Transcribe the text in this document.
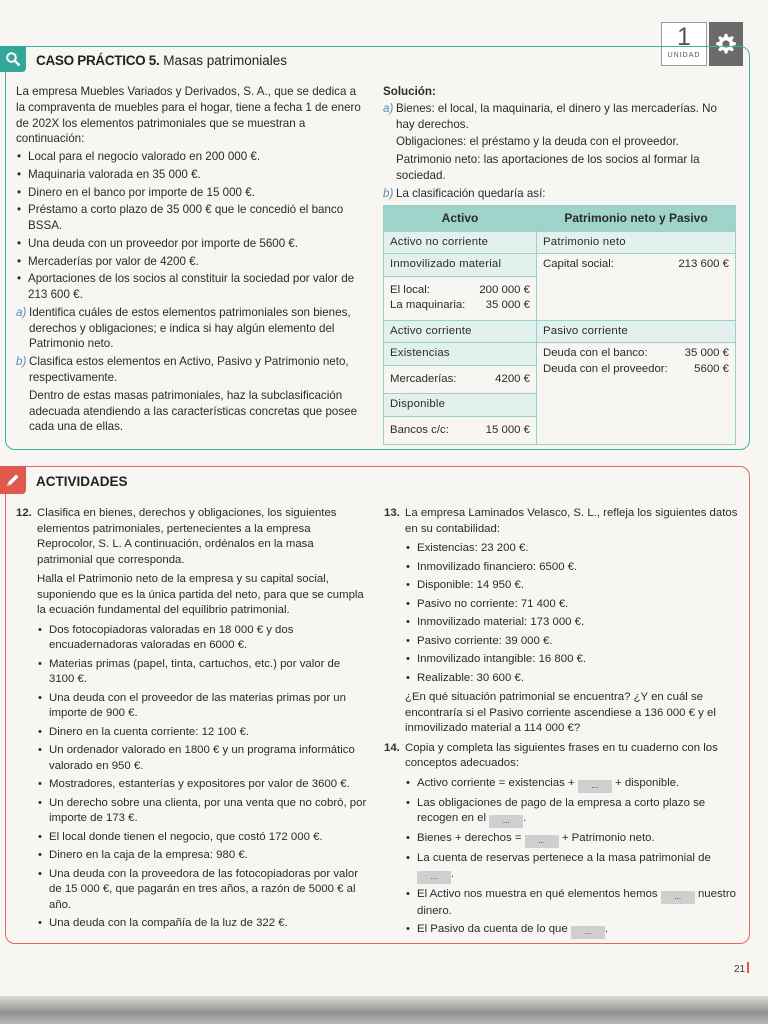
1
UNIDAD
CASO PRÁCTICO 5. Masas patrimoniales

La empresa Muebles Variados y Derivados, S. A., que se dedica a la compraventa de muebles para el hogar, tiene a fecha 1 de enero de 202X los elementos patrimoniales que se muestran a continuación:

• Local para el negocio valorado en 200 000 €.
• Maquinaria valorada en 35 000 €.
• Dinero en el banco por importe de 15 000 €.
• Préstamo a corto plazo de 35 000 € que le concedió el banco BSSA.
• Una deuda con un proveedor por importe de 5600 €.
• Mercaderías por valor de 4200 €.
• Aportaciones de los socios al constituir la sociedad por valor de 213 600 €.
a) Identifica cuáles de estos elementos patrimoniales son bienes, derechos y obligaciones; e indica si hay algún elemento del Patrimonio neto.
b) Clasifica estos elementos en Activo, Pasivo y Patrimonio neto, respectivamente.
Dentro de estas masas patrimoniales, haz la subclasificación adecuada atendiendo a las características concretas que posee cada una de ellas.

Solución:

a) Bienes: el local, la maquinaria, el dinero y las mercaderías. No hay derechos.
Obligaciones: el préstamo y la deuda con el proveedor.
Patrimonio neto: las aportaciones de los socios al formar la sociedad.
b) La clasificación quedaría así:
Activo	Patrimonio neto y Pasivo
Activo no corriente	Patrimonio neto
Inmovilizado material	Capital social: 213 600 €

El local: 200 000 €
La maquinaria: 35 000 €	

Activo corriente	Pasivo corriente
Existencias	Deuda con el banco: 35 000 €
Deuda con el proveedor: 5600 €

Mercaderías: 4200 €	

Disponible	

Bancos c/c: 15 000 €	
ACTIVIDADES
12. Clasifica en bienes, derechos y obligaciones, los siguientes elementos patrimoniales, pertenecientes a la empresa Reprocolor, S. L. A continuación, ordénalos en la masa patrimonial que corresponda.
Halla el Patrimonio neto de la empresa y su capital social, suponiendo que es la única partida del neto, para que se cumpla la ecuación fundamental del equilibrio patrimonial.
• Dos fotocopiadoras valoradas en 18 000 € y dos encuadernadoras valoradas en 6000 €.
• Materias primas (papel, tinta, cartuchos, etc.) por valor de 3100 €.
• Una deuda con el proveedor de las materias primas por un importe de 900 €.
• Dinero en la cuenta corriente: 12 100 €.
• Un ordenador valorado en 1800 € y un programa informático valorado en 950 €.
• Mostradores, estanterías y expositores por valor de 3600 €.
• Un derecho sobre una clienta, por una venta que no cobró, por importe de 173 €.
• El local donde tienen el negocio, que costó 172 000 €.
• Dinero en la caja de la empresa: 980 €.
• Una deuda con la proveedora de las fotocopiadoras por valor de 15 000 €, que pagarán en tres años, a razón de 5000 € al año.
• Una deuda con la compañía de la luz de 322 €.
13. La empresa Laminados Velasco, S. L., refleja los siguientes datos en su contabilidad:
• Existencias: 23 200 €.
• Inmovilizado financiero: 6500 €.
• Disponible: 14 950 €.
• Pasivo no corriente: 71 400 €.
• Inmovilizado material: 173 000 €.
• Pasivo corriente: 39 000 €.
• Inmovilizado intangible: 16 800 €.
• Realizable: 30 600 €.
¿En qué situación patrimonial se encuentra? ¿Y en cuál se encontraría si el Pasivo corriente ascendiese a 136 000 € y el inmovilizado material a 114 000 €?
14. Copia y completa las siguientes frases en tu cuaderno con los conceptos adecuados:
• Activo corriente = existencias + ... + disponible.
• Las obligaciones de pago de la empresa a corto plazo se recogen en el ... .
• Bienes + derechos = ... + Patrimonio neto.
• La cuenta de reservas pertenece a la masa patrimonial de ... .
• El Activo nos muestra en qué elementos hemos ... nuestro dinero.
• El Pasivo da cuenta de lo que ... .
21
